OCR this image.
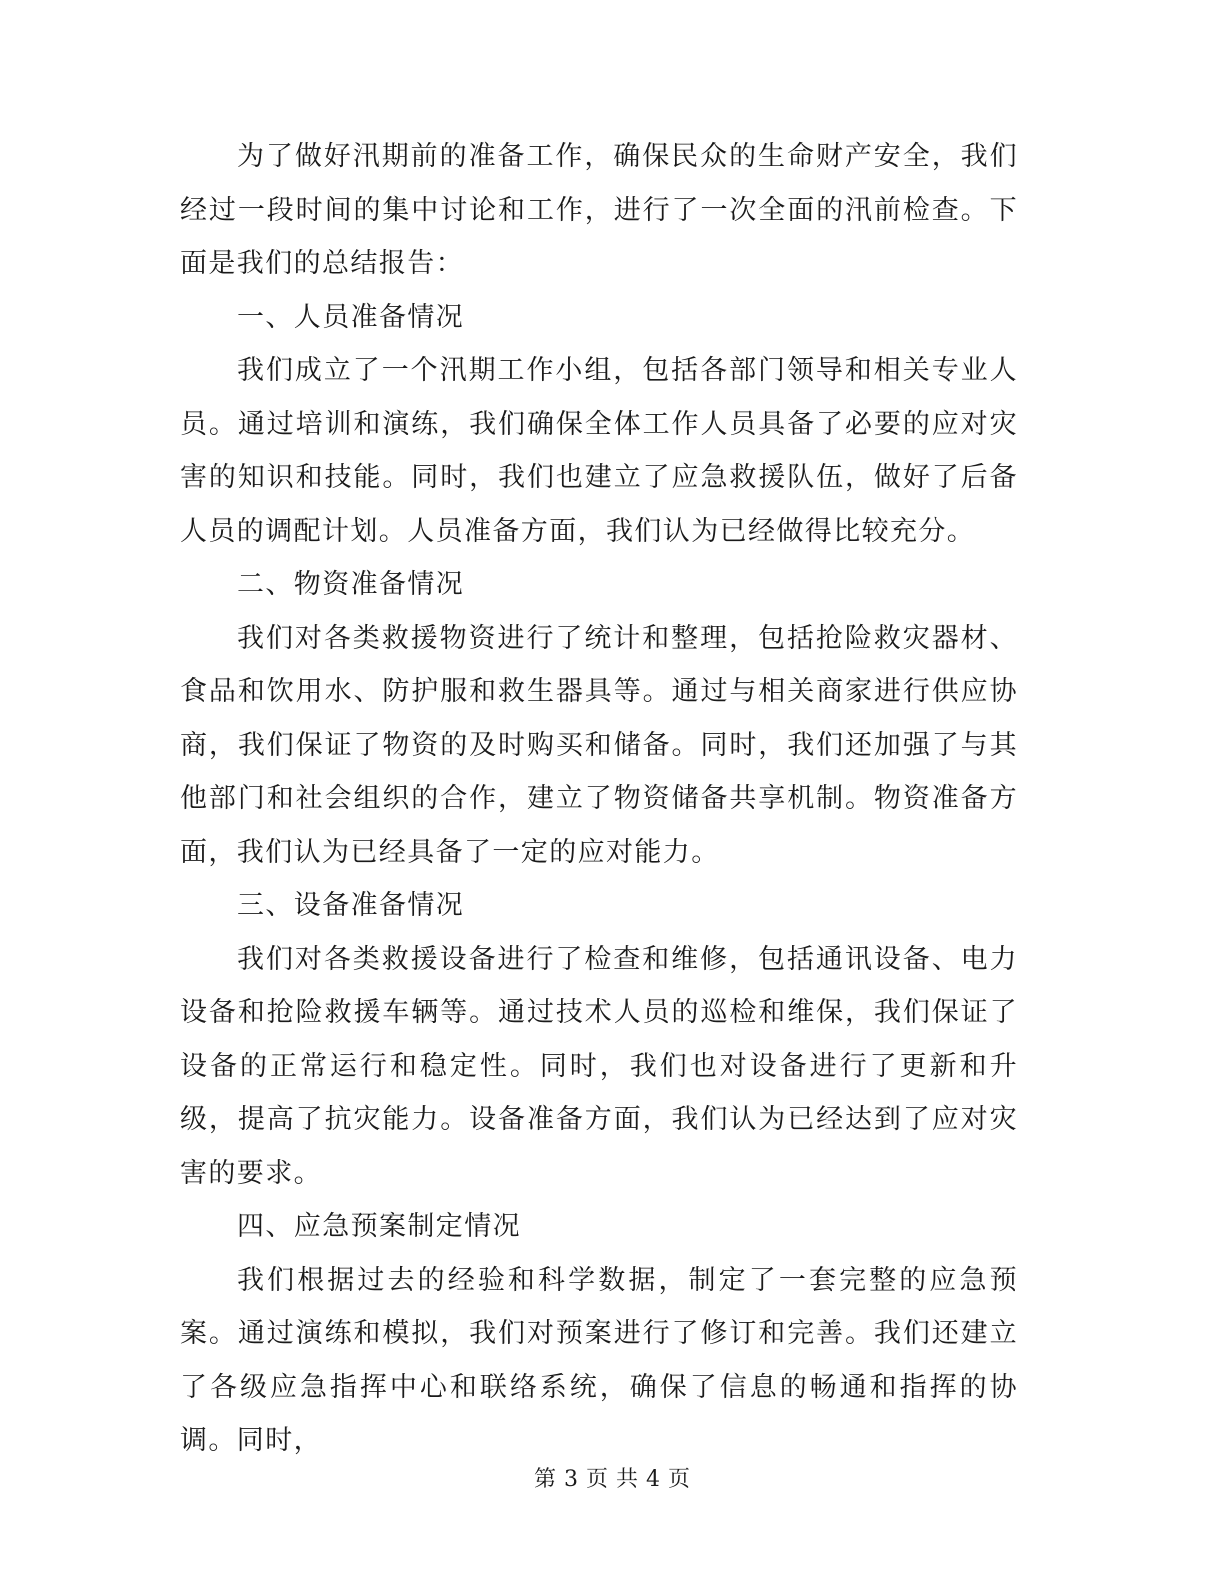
为了做好汛期前的准备工作，确保民众的生命财产安全，我们经过一段时间的集中讨论和工作，进行了一次全面的汛前检查。下面是我们的总结报告：

一、人员准备情况

我们成立了一个汛期工作小组，包括各部门领导和相关专业人员。通过培训和演练，我们确保全体工作人员具备了必要的应对灾害的知识和技能。同时，我们也建立了应急救援队伍，做好了后备人员的调配计划。人员准备方面，我们认为已经做得比较充分。

二、物资准备情况

我们对各类救援物资进行了统计和整理，包括抢险救灾器材、食品和饮用水、防护服和救生器具等。通过与相关商家进行供应协商，我们保证了物资的及时购买和储备。同时，我们还加强了与其他部门和社会组织的合作，建立了物资储备共享机制。物资准备方面，我们认为已经具备了一定的应对能力。

三、设备准备情况

我们对各类救援设备进行了检查和维修，包括通讯设备、电力设备和抢险救援车辆等。通过技术人员的巡检和维保，我们保证了设备的正常运行和稳定性。同时，我们也对设备进行了更新和升级，提高了抗灾能力。设备准备方面，我们认为已经达到了应对灾害的要求。

四、应急预案制定情况

我们根据过去的经验和科学数据，制定了一套完整的应急预案。通过演练和模拟，我们对预案进行了修订和完善。我们还建立了各级应急指挥中心和联络系统，确保了信息的畅通和指挥的协调。同时，

第 3 页 共 4 页
